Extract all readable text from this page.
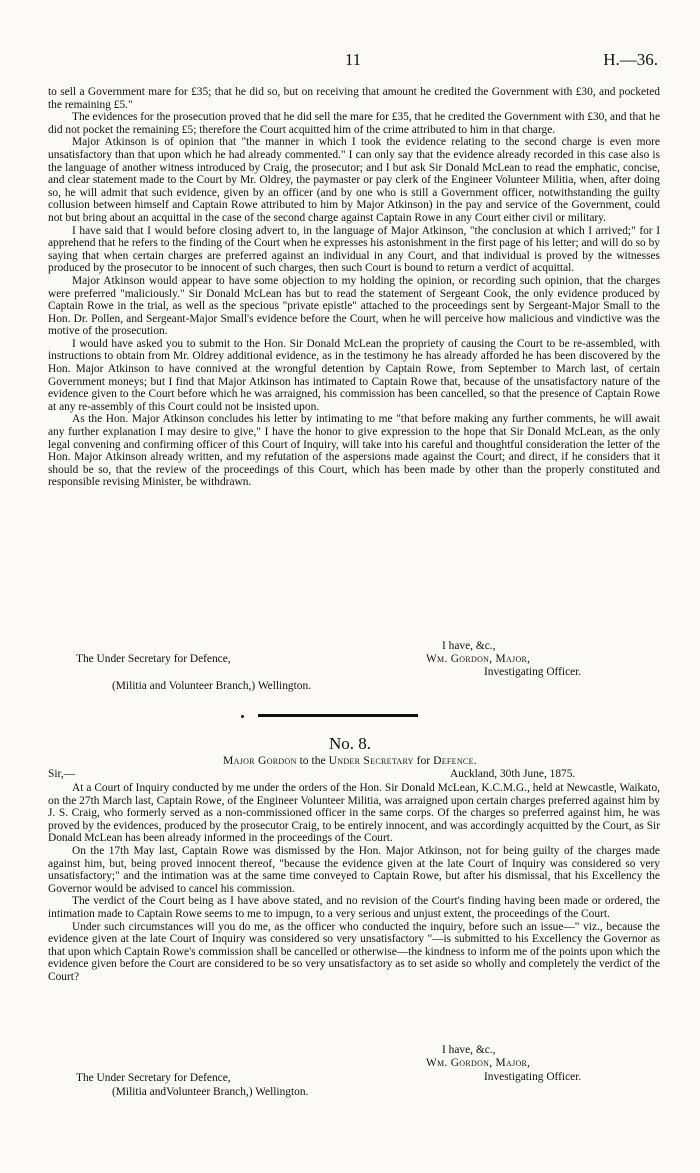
11	H.—36.

to sell a Government mare for £35; that he did so, but on receiving that amount he credited the Government with £30, and pocketed the remaining £5."

The evidences for the prosecution proved that he did sell the mare for £35, that he credited the Government with £30, and that he did not pocket the remaining £5; therefore the Court acquitted him of the crime attributed to him in that charge.

Major Atkinson is of opinion that "the manner in which I took the evidence relating to the second charge is even more unsatisfactory than that upon which he had already commented." I can only say that the evidence already recorded in this case also is the language of another witness introduced by Craig, the prosecutor; and I but ask Sir Donald McLean to read the emphatic, concise, and clear statement made to the Court by Mr. Oldrey, the paymaster or pay clerk of the Engineer Volunteer Militia, when, after doing so, he will admit that such evidence, given by an officer (and by one who is still a Government officer, notwithstanding the guilty collusion between himself and Captain Rowe attributed to him by Major Atkinson) in the pay and service of the Government, could not but bring about an acquittal in the case of the second charge against Captain Rowe in any Court either civil or military.

I have said that I would before closing advert to, in the language of Major Atkinson, "the conclusion at which I arrived;" for I apprehend that he refers to the finding of the Court when he expresses his astonishment in the first page of his letter; and will do so by saying that when certain charges are preferred against an individual in any Court, and that individual is proved by the witnesses produced by the prosecutor to be innocent of such charges, then such Court is bound to return a verdict of acquittal.

Major Atkinson would appear to have some objection to my holding the opinion, or recording such opinion, that the charges were preferred "maliciously." Sir Donald McLean has but to read the statement of Sergeant Cook, the only evidence produced by Captain Rowe in the trial, as well as the specious "private epistle" attached to the proceedings sent by Sergeant-Major Small to the Hon. Dr. Pollen, and Sergeant-Major Small's evidence before the Court, when he will perceive how malicious and vindictive was the motive of the prosecution.

I would have asked you to submit to the Hon. Sir Donald McLean the propriety of causing the Court to be re-assembled, with instructions to obtain from Mr. Oldrey additional evidence, as in the testimony he has already afforded he has been discovered by the Hon. Major Atkinson to have connived at the wrongful detention by Captain Rowe, from September to March last, of certain Government moneys; but I find that Major Atkinson has intimated to Captain Rowe that, because of the unsatisfactory nature of the evidence given to the Court before which he was arraigned, his commission has been cancelled, so that the presence of Captain Rowe at any re-assembly of this Court could not be insisted upon.

As the Hon. Major Atkinson concludes his letter by intimating to me "that before making any further comments, he will await any further explanation I may desire to give," I have the honor to give expression to the hope that Sir Donald McLean, as the only legal convening and confirming officer of this Court of Inquiry, will take into his careful and thoughtful consideration the letter of the Hon. Major Atkinson already written, and my refutation of the aspersions made against the Court; and direct, if he considers that it should be so, that the review of the proceedings of this Court, which has been made by other than the properly constituted and responsible revising Minister, be withdrawn.

I have, &c.,
Wm. Gordon, Major,
The Under Secretary for Defence,
Investigating Officer.
(Militia and Volunteer Branch,) Wellington.
No. 8.
Major Gordon to the Under Secretary for Defence.
Sir,—	Auckland, 30th June, 1875.

At a Court of Inquiry conducted by me under the orders of the Hon. Sir Donald McLean, K.C.M.G., held at Newcastle, Waikato, on the 27th March last, Captain Rowe, of the Engineer Volunteer Militia, was arraigned upon certain charges preferred against him by J. S. Craig, who formerly served as a non-commissioned officer in the same corps. Of the charges so preferred against him, he was proved by the evidences, produced by the prosecutor Craig, to be entirely innocent, and was accordingly acquitted by the Court, as Sir Donald McLean has been already informed in the proceedings of the Court.

On the 17th May last, Captain Rowe was dismissed by the Hon. Major Atkinson, not for being guilty of the charges made against him, but, being proved innocent thereof, "because the evidence given at the late Court of Inquiry was considered so very unsatisfactory;" and the intimation was at the same time conveyed to Captain Rowe, but after his dismissal, that his Excellency the Governor would be advised to cancel his commission.

The verdict of the Court being as I have above stated, and no revision of the Court's finding having been made or ordered, the intimation made to Captain Rowe seems to me to impugn, to a very serious and unjust extent, the proceedings of the Court.

Under such circumstances will you do me, as the officer who conducted the inquiry, before such an issue—" viz., because the evidence given at the late Court of Inquiry was considered so very unsatisfactory "—is submitted to his Excellency the Governor as that upon which Captain Rowe's commission shall be cancelled or otherwise—the kindness to inform me of the points upon which the evidence given before the Court are considered to be so very unsatisfactory as to set aside so wholly and completely the verdict of the Court?

I have, &c.,
Wm. Gordon, Major,
Investigating Officer.
The Under Secretary for Defence,
(Militia andVolunteer Branch,) Wellington.
